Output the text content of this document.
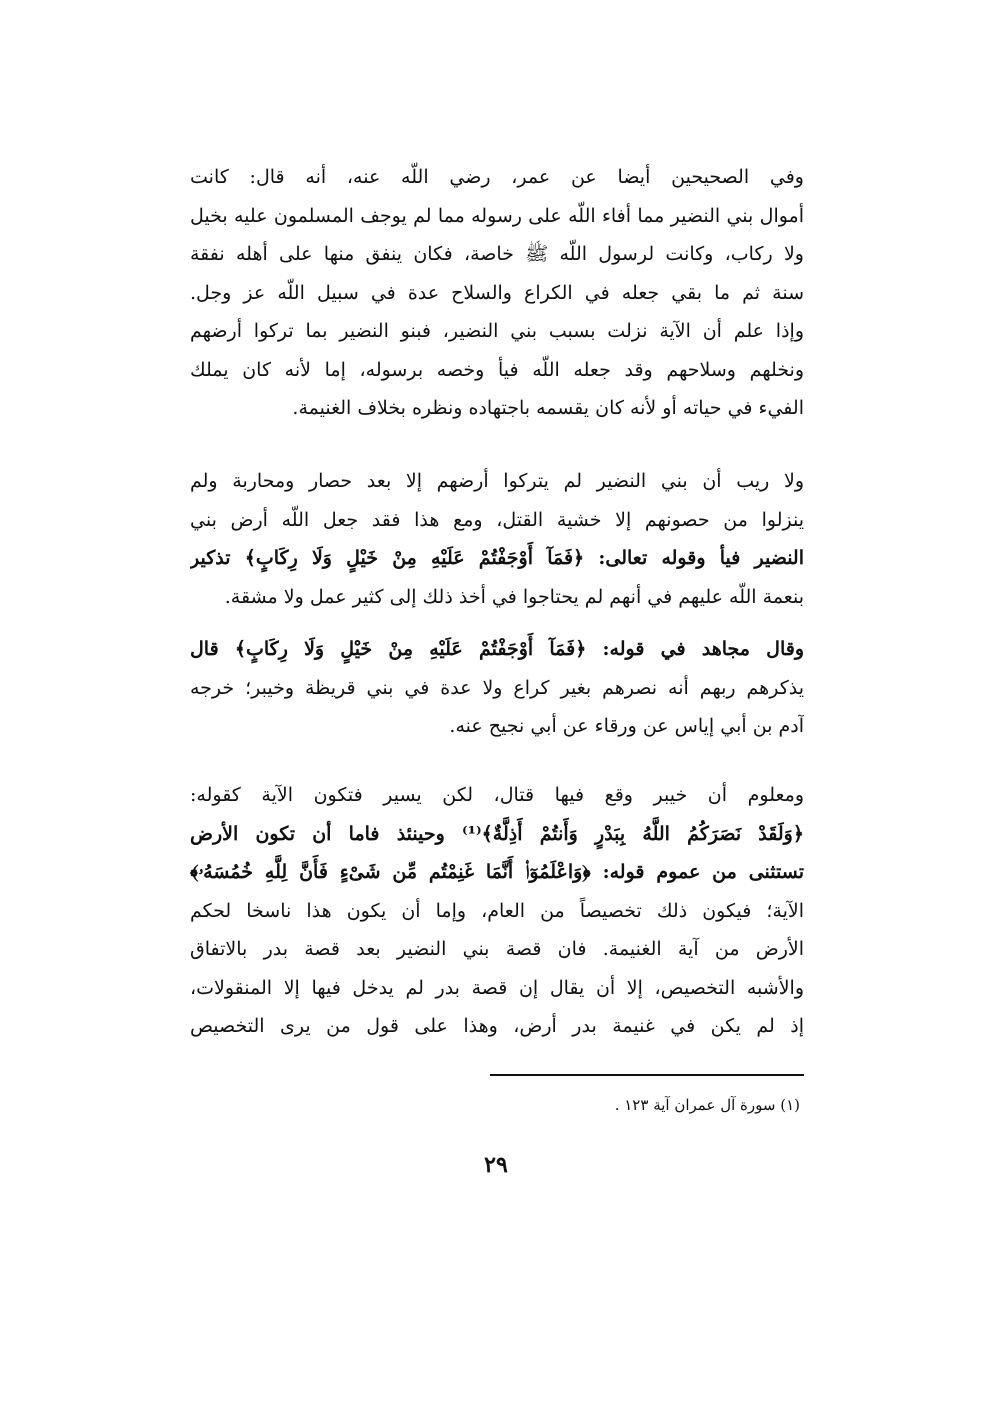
وفي الصحيحين أيضا عن عمر، رضي اللّه عنه، أنه قال: كانت
أموال بني النضير مما أفاء اللّه على رسوله مما لم يوجف المسلمون عليه بخيل
ولا ركاب، وكانت لرسول اللّه ﷺ خاصة، فكان ينفق منها على أهله نفقة
سنة ثم ما بقي جعله في الكراع والسلاح عدة في سبيل اللّه عز وجل.
وإذا علم أن الآية نزلت بسبب بني النضير، فبنو النضير بما تركوا أرضهم
ونخلهم وسلاحهم وقد جعله اللّه فيأ وخصه برسوله، إما لأنه كان يملك
الفيء في حياته أو لأنه كان يقسمه باجتهاده ونظره بخلاف الغنيمة.
ولا ريب أن بني النضير لم يتركوا أرضهم إلا بعد حصار ومحاربة ولم
ينزلوا من حصونهم إلا خشية القتل، ومع هذا فقد جعل اللّه أرض بني
النضير فيأ وقوله تعالى: ﴿فَمَآ أَوْجَفْتُمْ عَلَيْهِ مِنْ خَيْلٍ وَلَا رِكَابٍ﴾ تذكير
بنعمة اللّه عليهم في أنهم لم يحتاجوا في أخذ ذلك إلى كثير عمل ولا مشقة.
وقال مجاهد في قوله: ﴿فَمَآ أَوْجَفْتُمْ عَلَيْهِ مِنْ خَيْلٍ وَلَا رِكَابٍ﴾ قال
يذكرهم ربهم أنه نصرهم بغير كراع ولا عدة في بني قريظة وخيبر؛ خرجه
آدم بن أبي إياس عن ورقاء عن أبي نجيح عنه.
ومعلوم أن خيبر وقع فيها قتال، لكن يسير فتكون الآية كقوله:
﴿وَلَقَدْ نَصَرَكُمُ اللَّهُ بِبَدْرٍ وَأَنتُمْ أَذِلَّةٌ﴾⁽¹⁾ وحينئذ فاما أن تكون الأرض
تستثنى من عموم قوله: ﴿وَاعْلَمُوٓا۟ أَنَّمَا غَنِمْتُم مِّن شَىْءٍ فَأَنَّ لِلَّهِ خُمُسَهُۥ﴾
الآية؛ فيكون ذلك تخصيصاً من العام، وإما أن يكون هذا ناسخا لحكم
الأرض من آية الغنيمة. فان قصة بني النضير بعد قصة بدر بالاتفاق
والأشبه التخصيص، إلا أن يقال إن قصة بدر لم يدخل فيها إلا المنقولات،
إذ لم يكن في غنيمة بدر أرض، وهذا على قول من يرى التخصيص
(١) سورة آل عمران آية ١٢٣ .
٢٩
